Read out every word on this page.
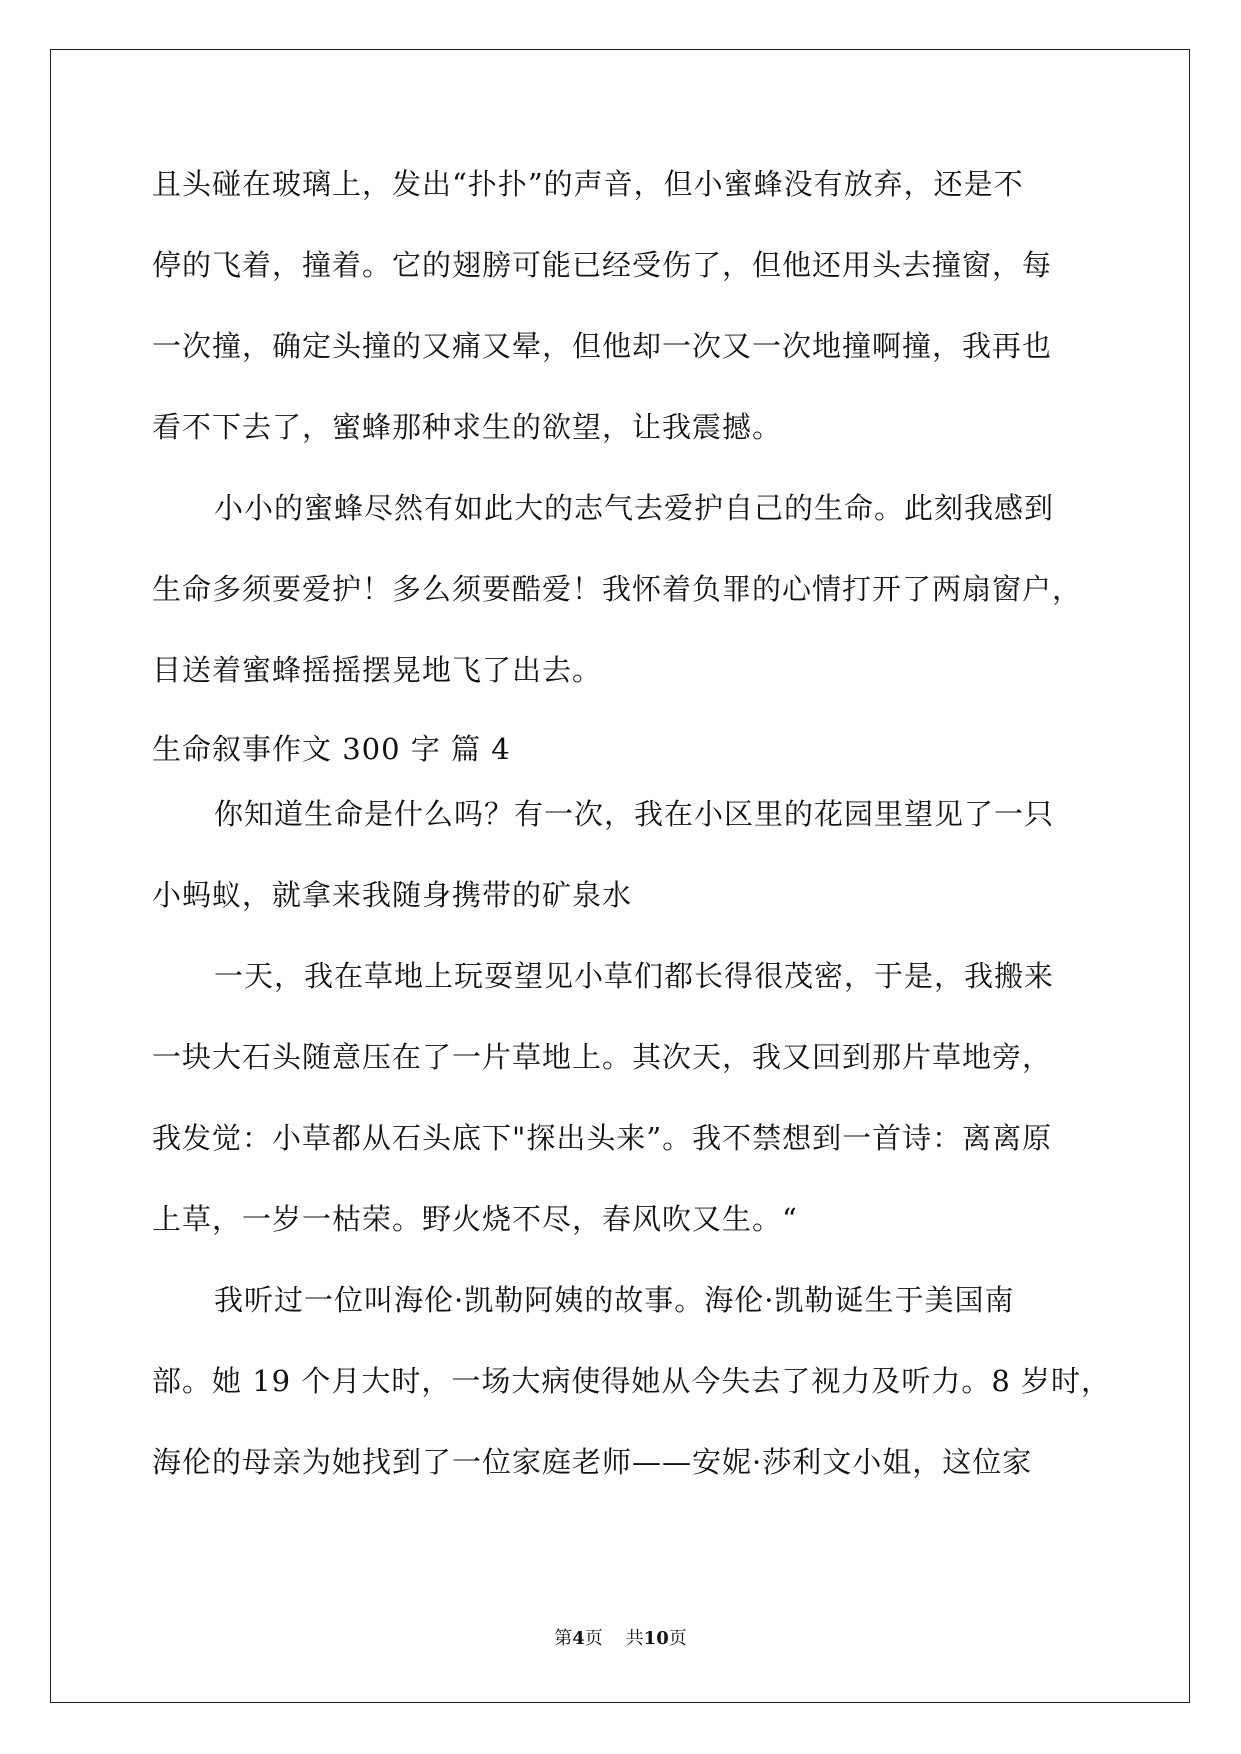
且头碰在玻璃上，发出“扑扑”的声音，但小蜜蜂没有放弃，还是不
停的飞着，撞着。它的翅膀可能已经受伤了，但他还用头去撞窗，每
一次撞，确定头撞的又痛又晕，但他却一次又一次地撞啊撞，我再也
看不下去了，蜜蜂那种求生的欲望，让我震撼。
小小的蜜蜂尽然有如此大的志气去爱护自己的生命。此刻我感到
生命多须要爱护！多么须要酷爱！我怀着负罪的心情打开了两扇窗户，
目送着蜜蜂摇摇摆晃地飞了出去。
生命叙事作文 300 字 篇 4
你知道生命是什么吗？有一次，我在小区里的花园里望见了一只
小蚂蚁，就拿来我随身携带的矿泉水
一天，我在草地上玩耍望见小草们都长得很茂密，于是，我搬来
一块大石头随意压在了一片草地上。其次天，我又回到那片草地旁，
我发觉：小草都从石头底下"探出头来”。我不禁想到一首诗：离离原
上草，一岁一枯荣。野火烧不尽，春风吹又生。“
我听过一位叫海伦·凯勒阿姨的故事。海伦·凯勒诞生于美国南
部。她 19 个月大时，一场大病使得她从今失去了视力及听力。8 岁时，
海伦的母亲为她找到了一位家庭老师——安妮·莎利文小姐，这位家
第4页    共10页
